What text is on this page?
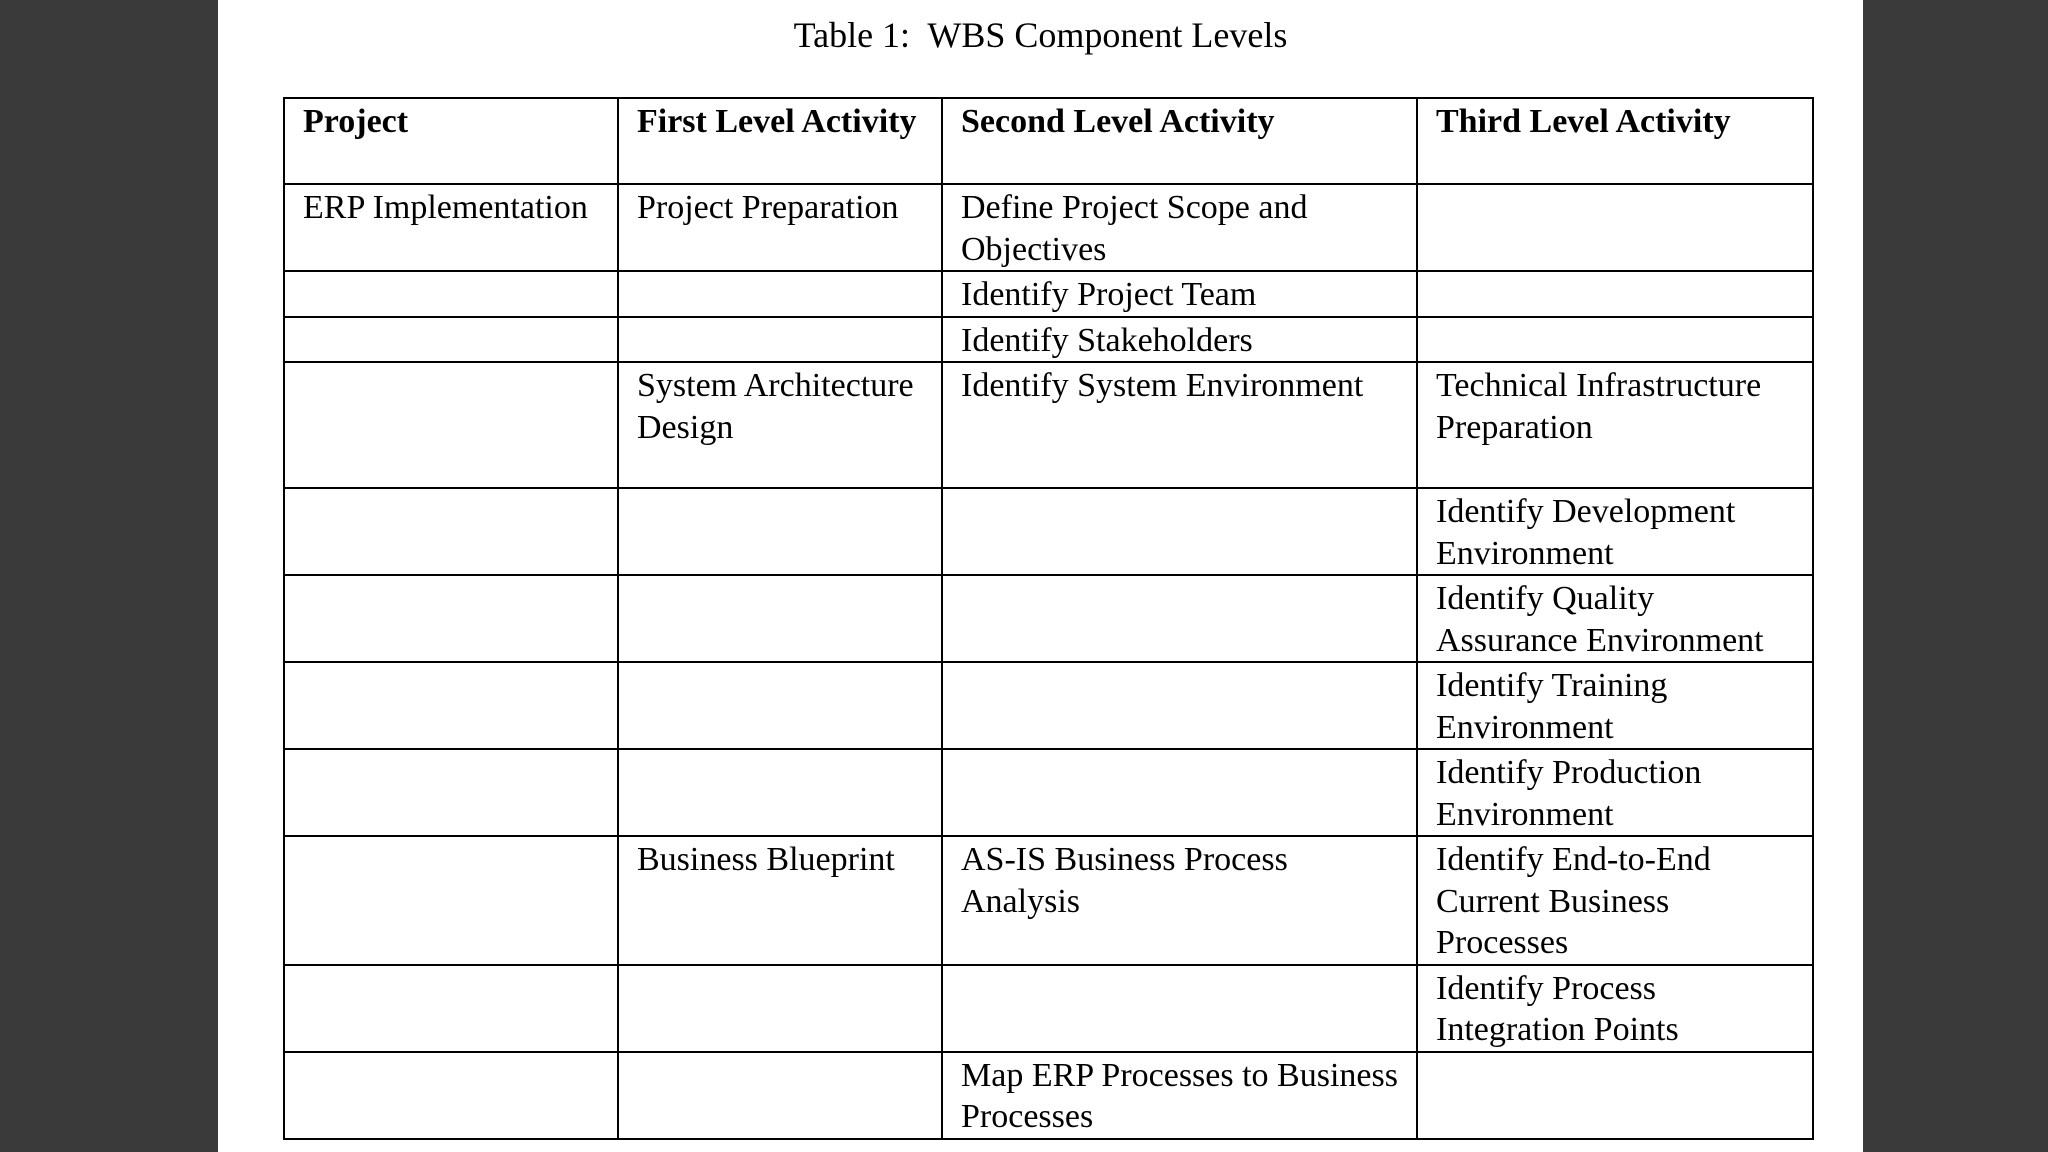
Table 1:  WBS Component Levels
Project	First Level Activity	Second Level Activity	Third Level Activity
ERP Implementation	Project Preparation	Define Project Scope and Objectives	
		Identify Project Team	
		Identify Stakeholders	
	System Architecture Design	Identify System Environment	Technical Infrastructure Preparation
			Identify Development Environment
			Identify Quality Assurance Environment
			Identify Training Environment
			Identify Production Environment
	Business Blueprint	AS-IS Business Process Analysis	Identify End-to-End Current Business Processes
			Identify Process Integration Points
		Map ERP Processes to Business Processes	
